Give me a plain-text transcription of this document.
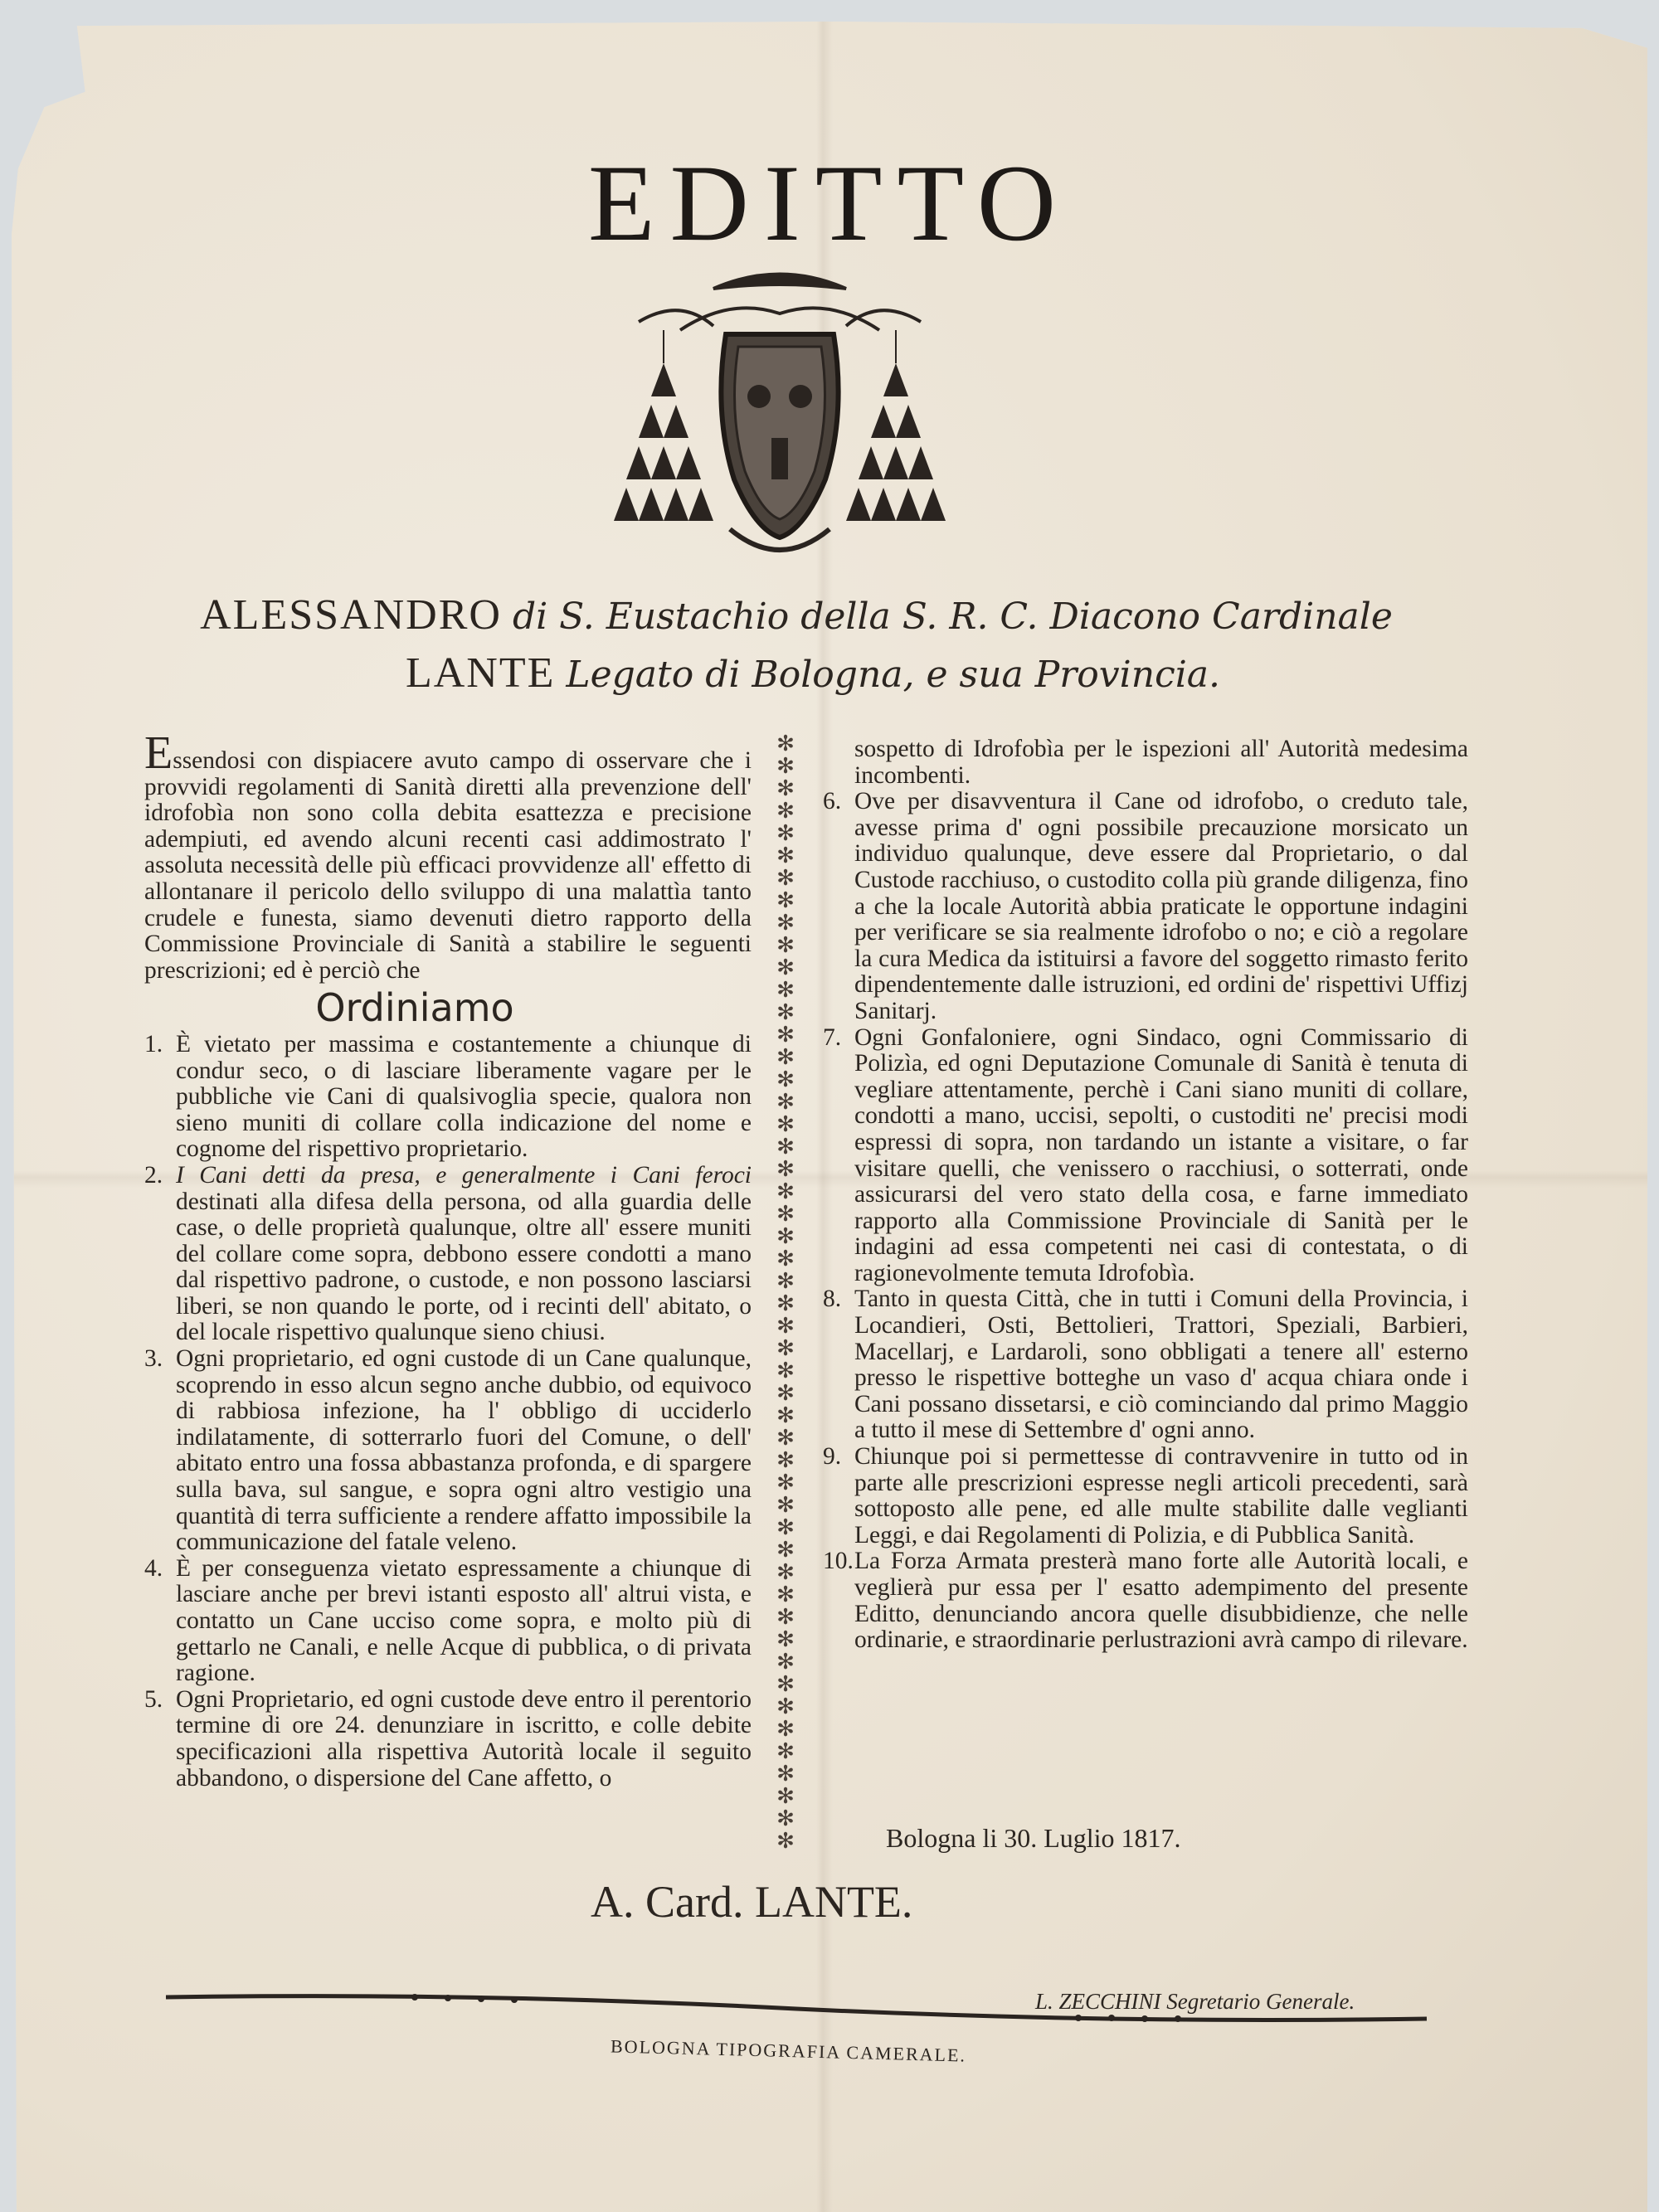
EDITTO
ALESSANDRO di S. Eustachio della S. R. C. Diacono Cardinale
LANTE Legato di Bologna, e sua Provincia.

Essendosi con dispiacere avuto campo di osservare che i provvidi regolamenti di Sanità diretti alla prevenzione dell' idrofobìa non sono colla debita esattezza e precisione adempiuti, ed avendo alcuni recenti casi addimostrato l' assoluta necessità delle più efficaci provvidenze all' effetto di allontanare il pericolo dello sviluppo di una malattìa tanto crudele e funesta, siamo devenuti dietro rapporto della Commissione Provinciale di Sanità a stabilire le seguenti prescrizioni; ed è perciò che

Ordiniamo
1. È vietato per massima e costantemente a chiunque di condur seco, o di lasciare liberamente vagare per le pubbliche vie Cani di qualsivoglia specie, qualora non sieno muniti di collare colla indicazione del nome e cognome del rispettivo proprietario.
2. I Cani detti da presa, e generalmente i Cani feroci destinati alla difesa della persona, od alla guardia delle case, o delle proprietà qualunque, oltre all' essere muniti del collare come sopra, debbono essere condotti a mano dal rispettivo padrone, o custode, e non possono lasciarsi liberi, se non quando le porte, od i recinti dell' abitato, o del locale rispettivo qualunque sieno chiusi.
3. Ogni proprietario, ed ogni custode di un Cane qualunque, scoprendo in esso alcun segno anche dubbio, od equivoco di rabbiosa infezione, ha l' obbligo di ucciderlo indilatamente, di sotterrarlo fuori del Comune, o dell' abitato entro una fossa abbastanza profonda, e di spargere sulla bava, sul sangue, e sopra ogni altro vestigio una quantità di terra sufficiente a rendere affatto impossibile la communicazione del fatale veleno.
4. È per conseguenza vietato espressamente a chiunque di lasciare anche per brevi istanti esposto all' altrui vista, e contatto un Cane ucciso come sopra, e molto più di gettarlo ne Canali, e nelle Acque di pubblica, o di privata ragione.
5. Ogni Proprietario, ed ogni custode deve entro il perentorio termine di ore 24. denunziare in iscritto, e colle debite specificazioni alla rispettiva Autorità locale il seguito abbandono, o dispersione del Cane affetto, o
✻ ✻ ✻ ✻ ✻ ✻ ✻ ✻ ✻ ✻ ✻ ✻ ✻ ✻ ✻ ✻ ✻ ✻ ✻ ✻ ✻ ✻ ✻ ✻ ✻ ✻ ✻ ✻ ✻ ✻ ✻ ✻ ✻ ✻ ✻ ✻ ✻ ✻ ✻ ✻ ✻ ✻ ✻ ✻ ✻ ✻ ✻ ✻ ✻ ✻

sospetto di Idrofobìa per le ispezioni all' Autorità medesima incombenti.

6. Ove per disavventura il Cane od idrofobo, o creduto tale, avesse prima d' ogni possibile precauzione morsicato un individuo qualunque, deve essere dal Proprietario, o dal Custode racchiuso, o custodito colla più grande diligenza, fino a che la locale Autorità abbia praticate le opportune indagini per verificare se sia realmente idrofobo o no; e ciò a regolare la cura Medica da istituirsi a favore del soggetto rimasto ferito dipendentemente dalle istruzioni, ed ordini de' rispettivi Uffizj Sanitarj.
7. Ogni Gonfaloniere, ogni Sindaco, ogni Commissario di Polizìa, ed ogni Deputazione Comunale di Sanità è tenuta di vegliare attentamente, perchè i Cani siano muniti di collare, condotti a mano, uccisi, sepolti, o custoditi ne' precisi modi espressi di sopra, non tardando un istante a visitare, o far visitare quelli, che venissero o racchiusi, o sotterrati, onde assicurarsi del vero stato della cosa, e farne immediato rapporto alla Commissione Provinciale di Sanità per le indagini ad essa competenti nei casi di contestata, o di ragionevolmente temuta Idrofobìa.
8. Tanto in questa Città, che in tutti i Comuni della Provincia, i Locandieri, Osti, Bettolieri, Trattori, Speziali, Barbieri, Macellarj, e Lardaroli, sono obbligati a tenere all' esterno presso le rispettive botteghe un vaso d' acqua chiara onde i Cani possano dissetarsi, e ciò cominciando dal primo Maggio a tutto il mese di Settembre d' ogni anno.
9. Chiunque poi si permettesse di contravvenire in tutto od in parte alle prescrizioni espresse negli articoli precedenti, sarà sottoposto alle pene, ed alle multe stabilite dalle veglianti Leggi, e dai Regolamenti di Polizia, e di Pubblica Sanità.
10. La Forza Armata presterà mano forte alle Autorità locali, e veglierà pur essa per l' esatto adempimento del presente Editto, denunciando ancora quelle disubbidienze, che nelle ordinarie, e straordinarie perlustrazioni avrà campo di rilevare.
Bologna li 30. Luglio 1817.
A. Card. LANTE.
L. ZECCHINI Segretario Generale.
BOLOGNA TIPOGRAFIA CAMERALE.
